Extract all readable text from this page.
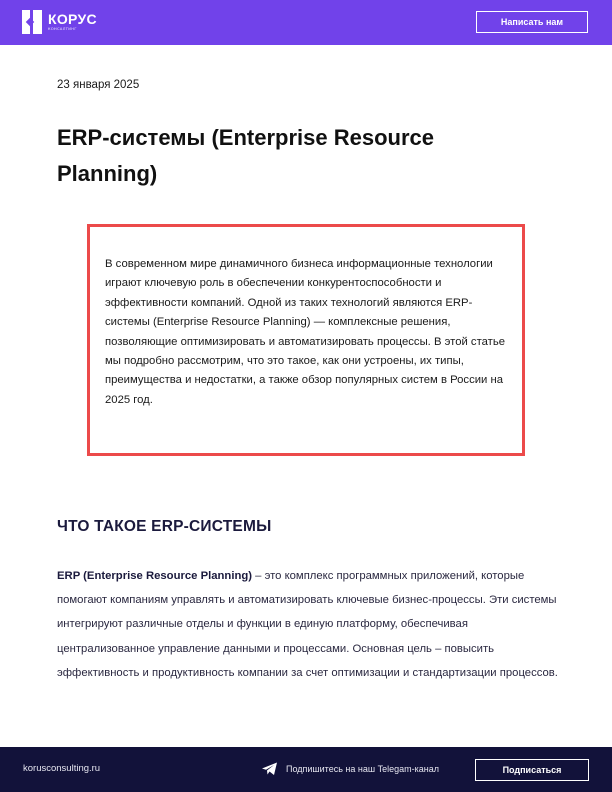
КОРУС
КОНСАЛТИНГ
Написать нам
23 января 2025
ERP-системы (Enterprise Resource Planning)

В современном мире динамичного бизнеса информационные технологии играют ключевую роль в обеспечении конкурентоспособности и эффективности компаний. Одной из таких технологий являются ERP-системы (Enterprise Resource Planning) — комплексные решения, позволяющие оптимизировать и автоматизировать процессы. В этой статье мы подробно рассмотрим, что это такое, как они устроены, их типы, преимущества и недостатки, а также обзор популярных систем в России на 2025 год.

ЧТО ТАКОЕ ERP-СИСТЕМЫ

ERP (Enterprise Resource Planning) – это комплекс программных приложений, которые помогают компаниям управлять и автоматизировать ключевые бизнес-процессы. Эти системы интегрируют различные отделы и функции в единую платформу, обеспечивая централизованное управление данными и процессами. Основная цель – повысить эффективность и продуктивность компании за счет оптимизации и стандартизации процессов.

korusconsulting.ru	Подпишитесь на наш Telegam-канал	Подписаться
